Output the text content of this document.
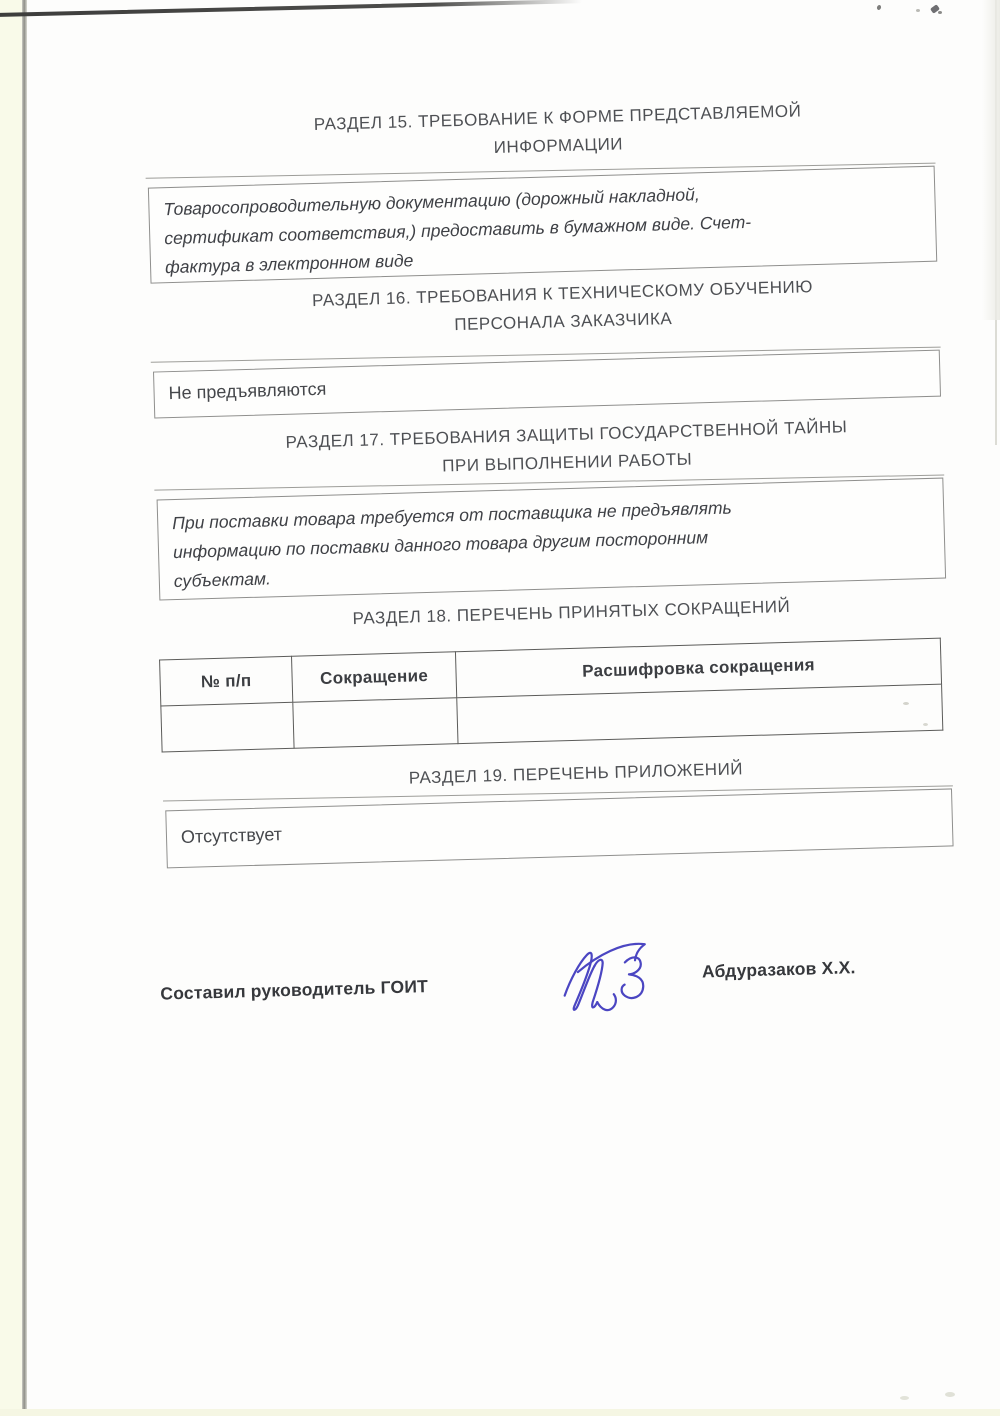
РАЗДЕЛ 15. ТРЕБОВАНИЕ К ФОРМЕ ПРЕДСТАВЛЯЕМОЙ
ИНФОРМАЦИИ
Товаросопроводительную документацию (дорожный накладной,
сертификат соответствия,) предоставить в бумажном виде. Счет-
фактура в электронном виде
РАЗДЕЛ 16. ТРЕБОВАНИЯ К ТЕХНИЧЕСКОМУ ОБУЧЕНИЮ
ПЕРСОНАЛА ЗАКАЗЧИКА
Не предъявляются
РАЗДЕЛ 17. ТРЕБОВАНИЯ ЗАЩИТЫ ГОСУДАРСТВЕННОЙ ТАЙНЫ
ПРИ ВЫПОЛНЕНИИ РАБОТЫ
При поставки товара требуется от поставщика не предъявлять
информацию по поставки данного товара другим посторонним
субъектам.
РАЗДЕЛ 18. ПЕРЕЧЕНЬ ПРИНЯТЫХ СОКРАЩЕНИЙ
№ п/п	Сокращение	Расшифровка сокращения

РАЗДЕЛ 19. ПЕРЕЧЕНЬ ПРИЛОЖЕНИЙ
Отсутствует
Составил руководитель ГОИТ
Абдуразаков Х.Х.
